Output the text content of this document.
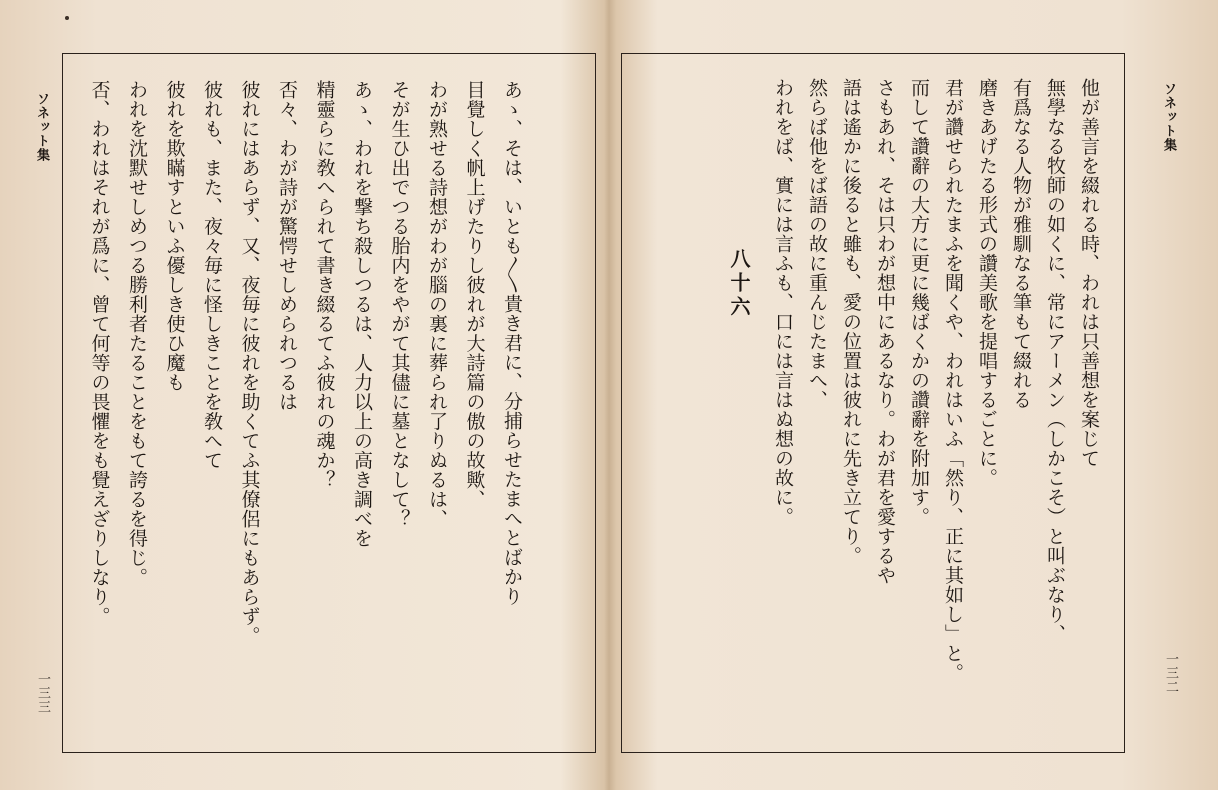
ソネット集
一三三
あゝ、そは、いとも〳〵貴き君に、分捕らせたまへとばかり
目覺しく帆上げたりし彼れが大詩篇の傲の故歟、
わが熟せる詩想がわが腦の裏に葬られ了りぬるは、
そが生ひ出でつる胎内をやがて其儘に墓となして？
あゝ、われを撃ち殺しつるは、人力以上の高き調べを
精靈らに敎へられて書き綴るてふ彼れの魂か？
否々、わが詩が驚愕せしめられつるは
彼れにはあらず、又、夜毎に彼れを助くてふ其僚侶にもあらず。
彼れも、また、夜々毎に怪しきことを敎へて
彼れを欺瞞すといふ優しき使ひ魔も
われを沈默せしめつる勝利者たることをもて誇るを得じ。
否、われはそれが爲に、曾て何等の畏懼をも覺えざりしなり。	ソネット集
一三二
他が善言を綴れる時、われは只善想を案じて
無學なる牧師の如くに、常にアーメン（しかこそ）と叫ぶなり、
有爲なる人物が雅馴なる筆もて綴れる
磨きあげたる形式の讚美歌を提唱するごとに。
君が讚せられたまふを聞くや、われはいふ「然り、正に其如し」と。
而して讚辭の大方に更に幾ばくかの讚辭を附加す。
さもあれ、そは只わが想中にあるなり。わが君を愛するや
語は遙かに後ると雖も、愛の位置は彼れに先き立てり。
然らば他をば語の故に重んじたまへ、
われをば、實には言ふも、口には言はぬ想の故に。
八十六
